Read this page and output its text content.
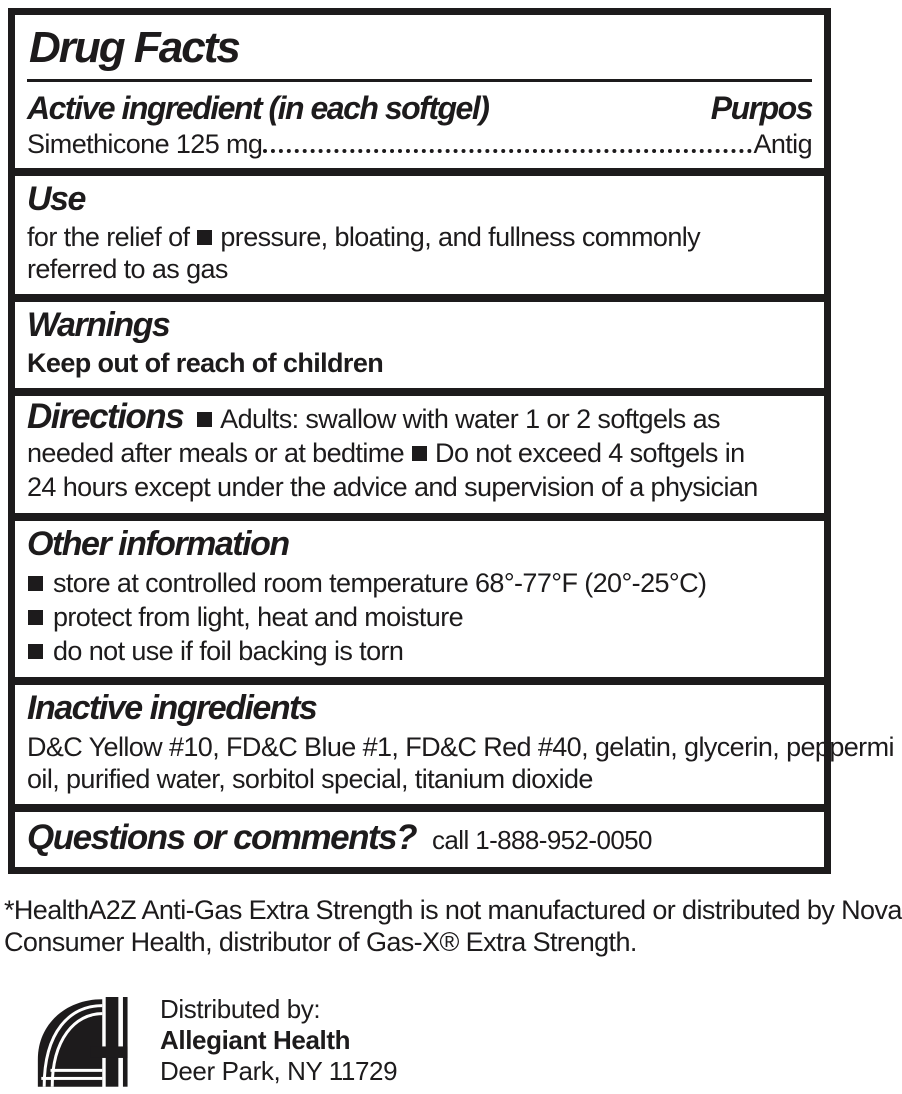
Drug Facts
Active ingredient (in each softgel)	Purpos
Simethicone 125 mg	Antig
Use
for the relief of pressure, bloating, and fullness commonly
referred to as gas
Warnings
Keep out of reach of children
Directions Adults: swallow with water 1 or 2 softgels as
needed after meals or at bedtime Do not exceed 4 softgels in
24 hours except under the advice and supervision of a physician
Other information
store at controlled room temperature 68°-77°F (20°-25°C)
protect from light, heat and moisture
do not use if foil backing is torn
Inactive ingredients
D&C Yellow #10, FD&C Blue #1, FD&C Red #40, gelatin, glycerin, peppermi
oil, purified water, sorbitol special, titanium dioxide
Questions or comments? call 1-888-952-0050
*HealthA2Z Anti-Gas Extra Strength is not manufactured or distributed by Nova
Consumer Health, distributor of Gas-X® Extra Strength.
Distributed by:
Allegiant Health
Deer Park, NY 11729
